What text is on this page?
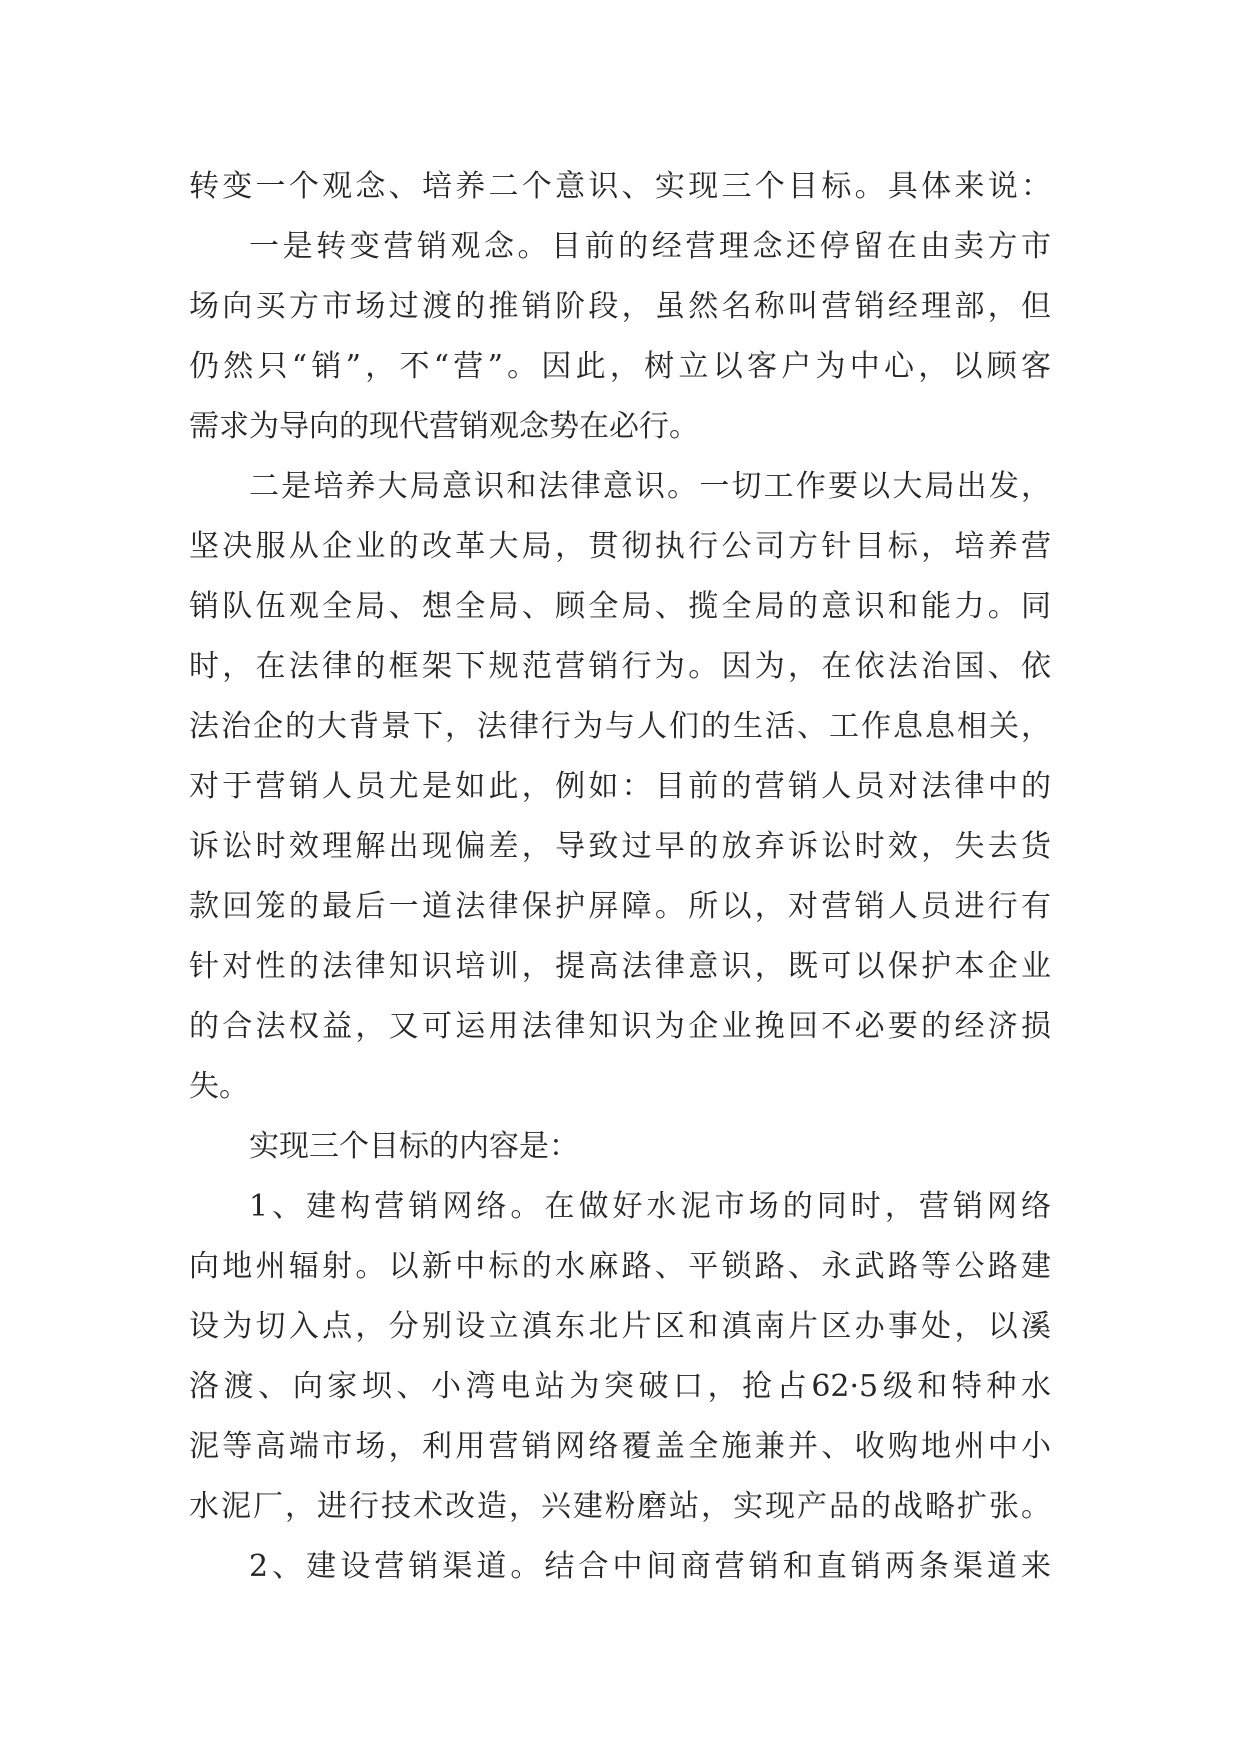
转变一个观念、培养二个意识、实现三个目标。具体来说：
一是转变营销观念。目前的经营理念还停留在由卖方市
场向买方市场过渡的推销阶段，虽然名称叫营销经理部，但
仍然只“销”，不“营”。因此，树立以客户为中心，以顾客
需求为导向的现代营销观念势在必行。
二是培养大局意识和法律意识。一切工作要以大局出发，
坚决服从企业的改革大局，贯彻执行公司方针目标，培养营
销队伍观全局、想全局、顾全局、揽全局的意识和能力。同
时，在法律的框架下规范营销行为。因为，在依法治国、依
法治企的大背景下，法律行为与人们的生活、工作息息相关，
对于营销人员尤是如此，例如：目前的营销人员对法律中的
诉讼时效理解出现偏差，导致过早的放弃诉讼时效，失去货
款回笼的最后一道法律保护屏障。所以，对营销人员进行有
针对性的法律知识培训，提高法律意识，既可以保护本企业
的合法权益，又可运用法律知识为企业挽回不必要的经济损
失。
实现三个目标的内容是：
1、建构营销网络。在做好水泥市场的同时，营销网络
向地州辐射。以新中标的水麻路、平锁路、永武路等公路建
设为切入点，分别设立滇东北片区和滇南片区办事处，以溪
洛渡、向家坝、小湾电站为突破口，抢占62·5级和特种水
泥等高端市场，利用营销网络覆盖全施兼并、收购地州中小
水泥厂，进行技术改造，兴建粉磨站，实现产品的战略扩张。
2、建设营销渠道。结合中间商营销和直销两条渠道来
